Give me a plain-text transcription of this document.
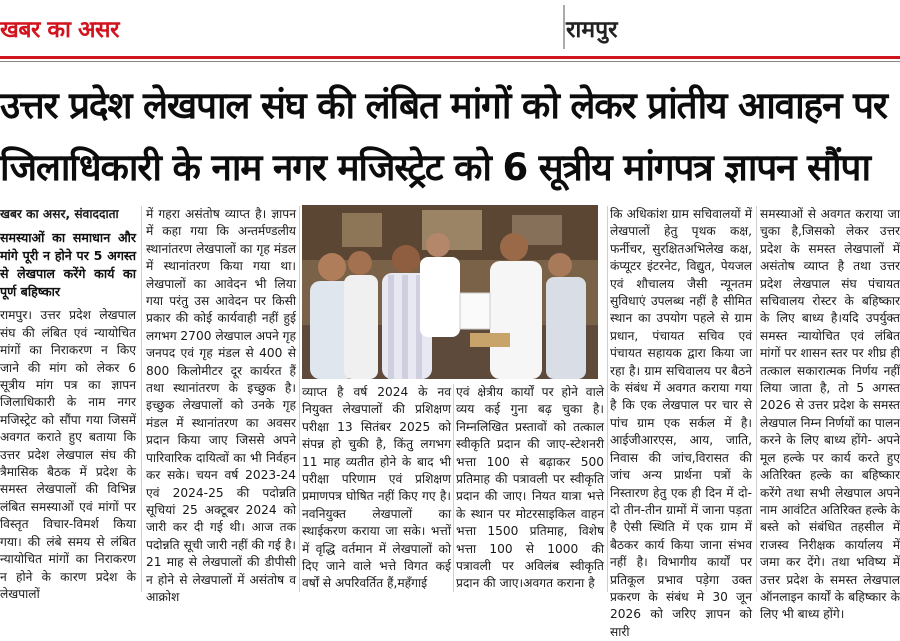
खबर का असर	रामपुर
उत्तर प्रदेश लेखपाल संघ की लंबित मांगों को लेकर प्रांतीय आवाहन पर
जिलाधिकारी के नाम नगर मजिस्ट्रेट को 6 सूत्रीय मांगपत्र ज्ञापन सौंपा

खबर का असर, संवाददाता

समस्याओं का समाधान और मांगे पूरी न होने पर 5 अगस्त से लेखपाल करेंगे कार्य का पूर्ण बहिष्कार

रामपुर। उत्तर प्रदेश लेखपाल संघ की लंबित एवं न्यायोचित मांगों का निराकरण न किए जाने की मांग को लेकर 6 सूत्रीय मांग पत्र का ज्ञापन जिलाधिकारी के नाम नगर मजिस्ट्रेट को सौंपा गया जिसमें अवगत कराते हुए बताया कि उत्तर प्रदेश लेखपाल संघ की त्रैमासिक बैठक में प्रदेश के समस्त लेखपालों की विभिन्न लंबित समस्याओं एवं मांगों पर विस्तृत विचार-विमर्श किया गया। की लंबे समय से लंबित न्यायोचित मांगों का निराकरण न होने के कारण प्रदेश के लेखपालों

में गहरा असंतोष व्याप्त है। ज्ञापन में कहा गया कि अन्तर्मण्डलीय स्थानांतरण लेखपालों का गृह मंडल में स्थानांतरण किया गया था। लेखपालों का आवेदन भी लिया गया परंतु उस आवेदन पर किसी प्रकार की कोई कार्यवाही नहीं हुई लगभग 2700 लेखपाल अपने गृह जनपद एवं गृह मंडल से 400 से 800 किलोमीटर दूर कार्यरत हैं तथा स्थानांतरण के इच्छुक है। इच्छुक लेखपालों को उनके गृह मंडल में स्थानांतरण का अवसर प्रदान किया जाए जिससे अपने पारिवारिक दायित्वों का भी निर्वहन कर सके। चयन वर्ष 2023-24 एवं 2024-25 की पदोन्नति सूचियां 25 अक्टूबर 2024 को जारी कर दी गई थी। आज तक पदोन्नति सूची जारी नहीं की गई है। 21 माह से लेखपालों की डीपीसी न होने से लेखपालों में असंतोष व आक्रोश

व्याप्त है वर्ष 2024 के नव नियुक्त लेखपालों की प्रशिक्षण परीक्षा 13 सितंबर 2025 को संपन्न हो चुकी है, किंतु लगभग 11 माह व्यतीत होने के बाद भी परीक्षा परिणाम एवं प्रशिक्षण प्रमाणपत्र घोषित नहीं किए गए है। नवनियुक्त लेखपालों का स्थाईकरण कराया जा सके। भत्तों में वृद्धि वर्तमान में लेखपालों को दिए जाने वाले भत्ते विगत कई वर्षों से अपरिवर्तित हैं,महँगाई

एवं क्षेत्रीय कार्यों पर होने वाले व्यय कई गुना बढ़ चुका है। निम्नलिखित प्रस्तावों को तत्काल स्वीकृति प्रदान की जाए-स्टेशनरी भत्ता 100 से बढ़ाकर 500 प्रतिमाह की पत्रावली पर स्वीकृति प्रदान की जाए। नियत यात्रा भत्ते के स्थान पर मोटरसाइकिल वाहन भत्ता 1500 प्रतिमाह, विशेष भत्ता 100 से 1000 की पत्रावली पर अविलंब स्वीकृति प्रदान की जाए।अवगत कराना है

कि अधिकांश ग्राम सचिवालयों में लेखपालों हेतु पृथक कक्ष, फर्नीचर, सुरक्षितअभिलेख कक्ष, कंप्यूटर इंटरनेट, विद्युत, पेयजल एवं शौचालय जैसी न्यूनतम सुविधाएं उपलब्ध नहीं है सीमित स्थान का उपयोग पहले से ग्राम प्रधान, पंचायत सचिव एवं पंचायत सहायक द्वारा किया जा रहा है। ग्राम सचिवालय पर बैठने के संबंध में अवगत कराया गया है कि एक लेखपाल पर चार से पांच ग्राम एक सर्कल में है।आईजीआरएस, आय, जाति, निवास की जांच,विरासत की जांच अन्य प्रार्थना पत्रों के निस्तारण हेतु एक ही दिन में दो-दो तीन-तीन ग्रामों में जाना पड़ता है ऐसी स्थिति में एक ग्राम में बैठकर कार्य किया जाना संभव नहीं है। विभागीय कार्यों पर प्रतिकूल प्रभाव पड़ेगा उक्त प्रकरण के संबंध मे 30 जून 2026 को जरिए ज्ञापन को सारी

समस्याओं से अवगत कराया जा चुका है,जिसको लेकर उत्तर प्रदेश के समस्त लेखपालों में असंतोष व्याप्त है तथा उत्तर प्रदेश लेखपाल संघ पंचायत सचिवालय रोस्टर के बहिष्कार के लिए बाध्य है।यदि उपर्युक्त समस्त न्यायोचित एवं लंबित मांगों पर शासन स्तर पर शीघ्र ही तत्काल सकारात्मक निर्णय नहीं लिया जाता है, तो 5 अगस्त 2026 से उत्तर प्रदेश के समस्त लेखपाल निम्न निर्णयों का पालन करने के लिए बाध्य होंगे- अपने मूल हल्के पर कार्य करते हुए अतिरिक्त हल्के का बहिष्कार करेंगे तथा सभी लेखपाल अपने नाम आवंटित अतिरिक्त हल्के के बस्ते को संबंधित तहसील में राजस्व निरीक्षक कार्यालय में जमा कर देंगे। तथा भविष्य में उत्तर प्रदेश के समस्त लेखपाल ऑनलाइन कार्यों के बहिष्कार के लिए भी बाध्य होंगे।
